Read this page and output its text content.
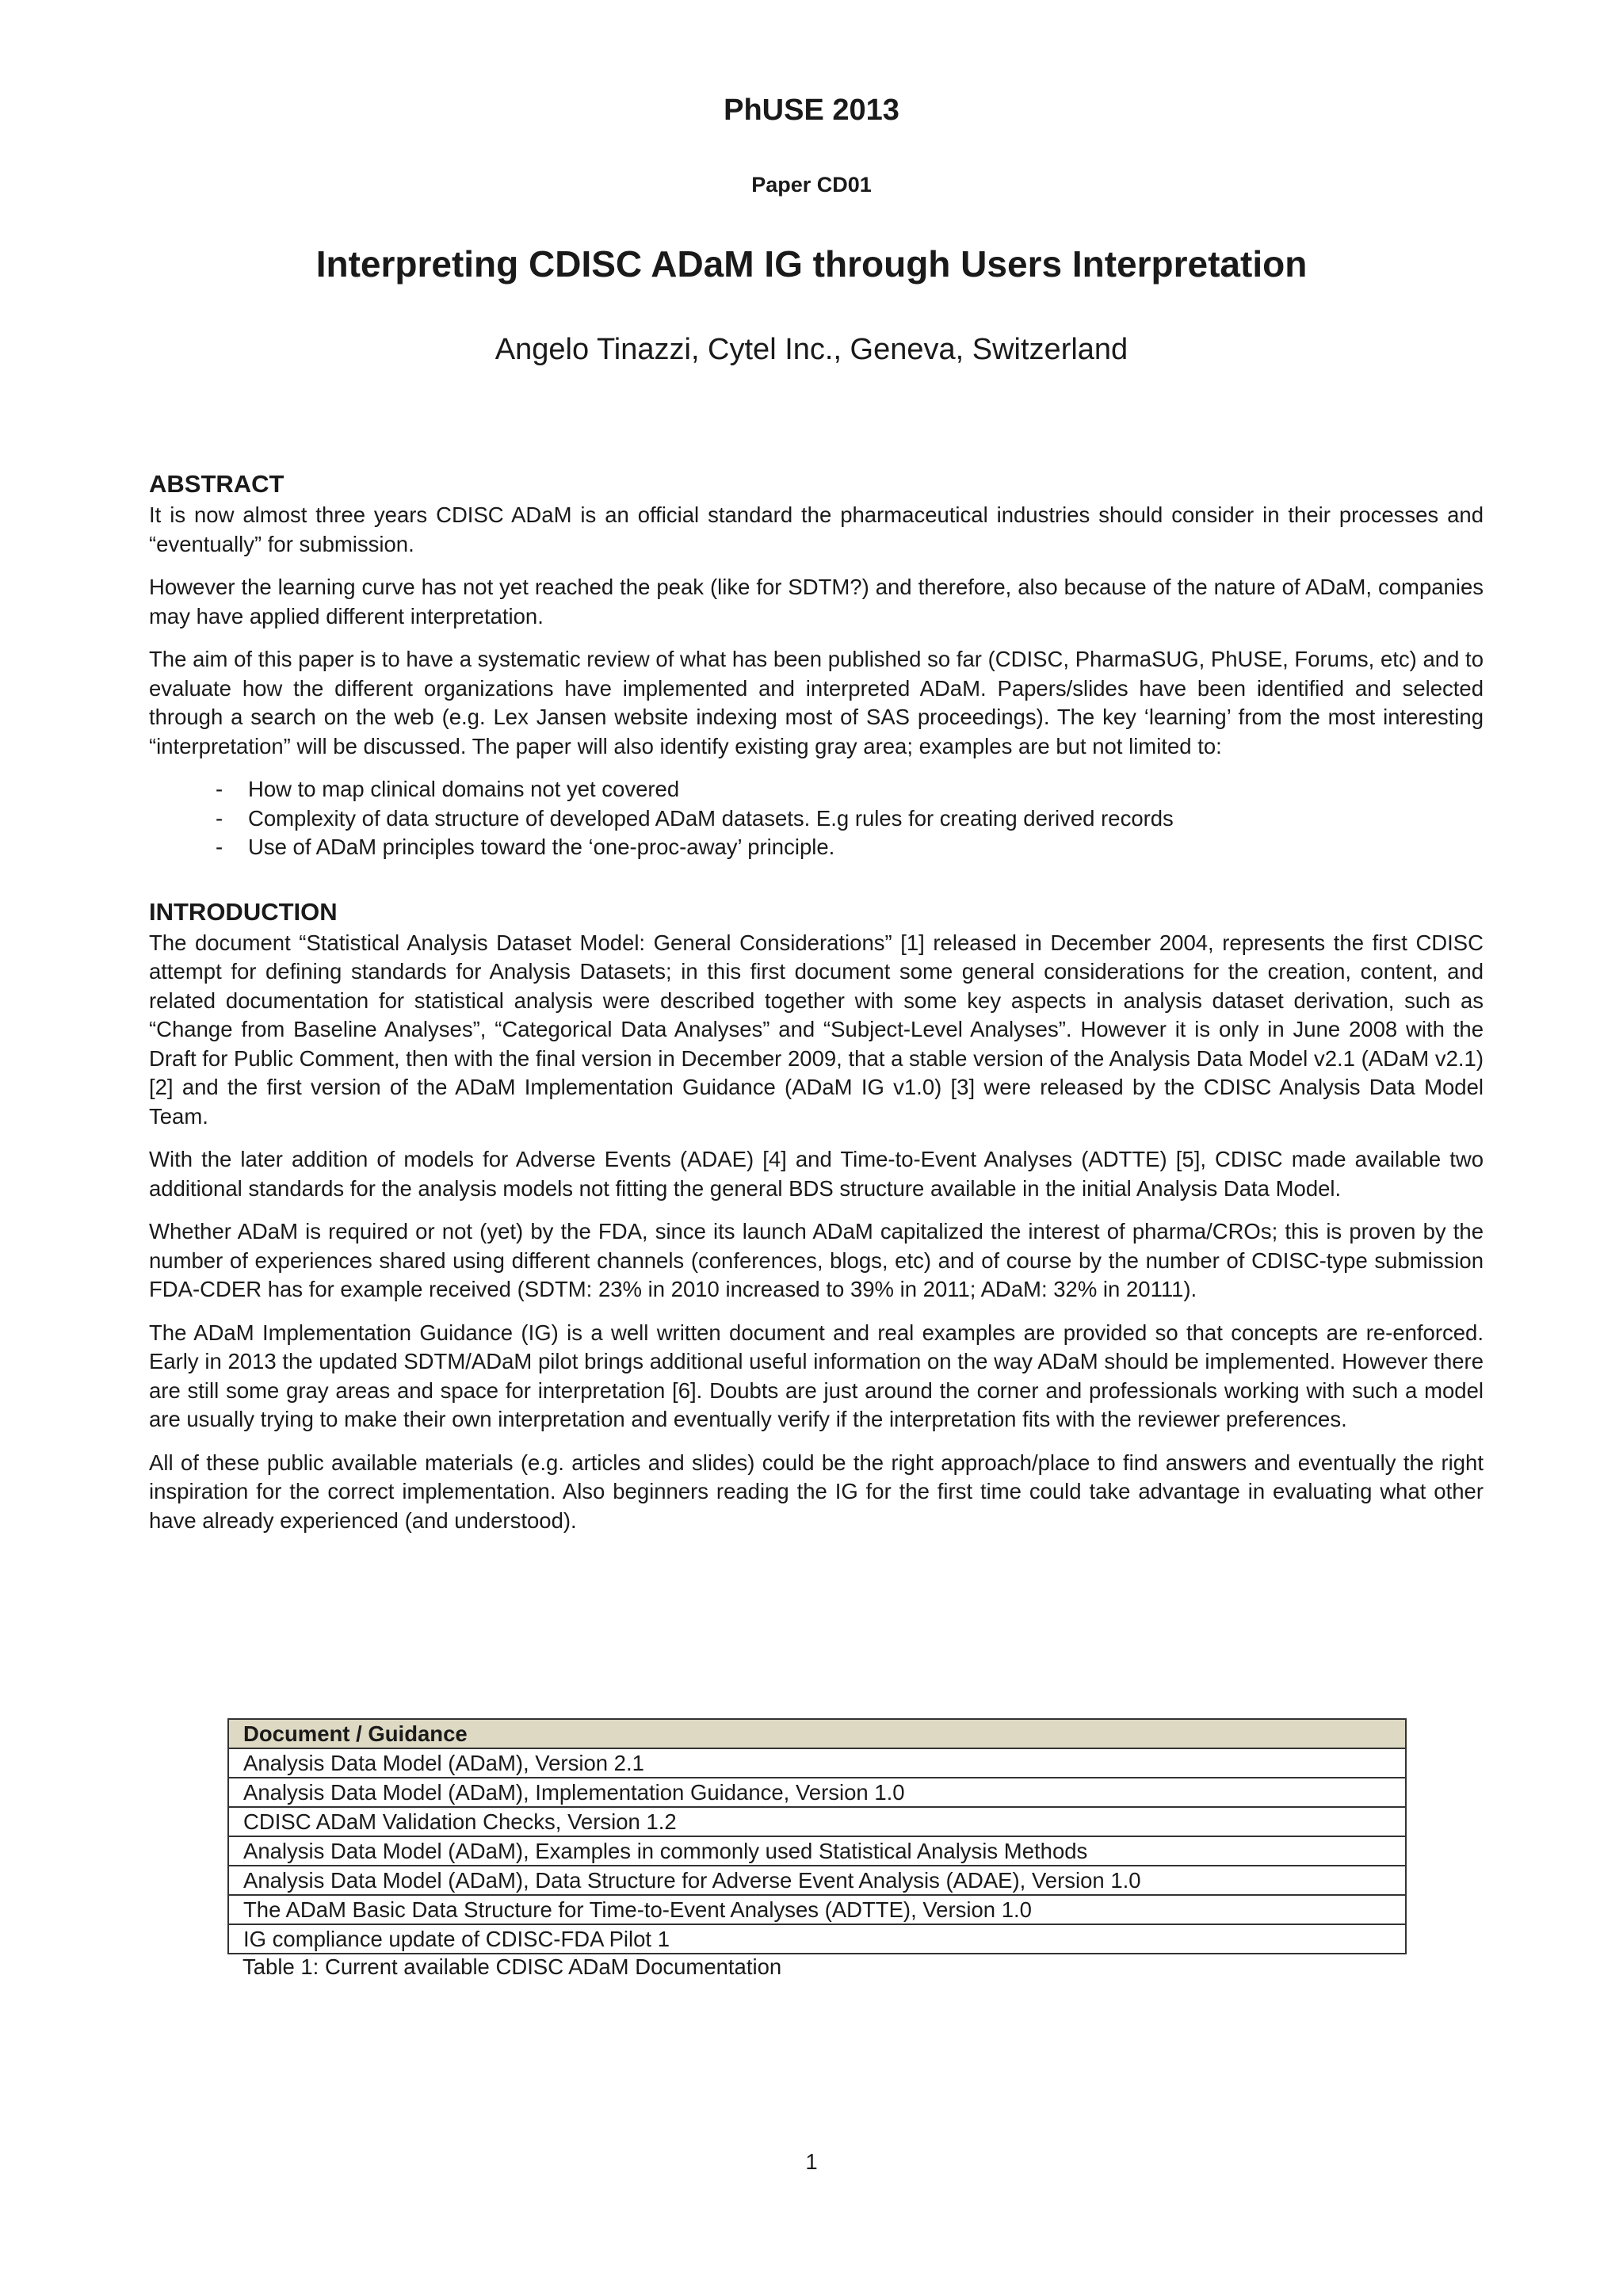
PhUSE 2013
Paper CD01
Interpreting CDISC ADaM IG through Users Interpretation
Angelo Tinazzi, Cytel Inc., Geneva, Switzerland
ABSTRACT

It is now almost three years CDISC ADaM is an official standard the pharmaceutical industries should consider in their processes and “eventually” for submission.

However the learning curve has not yet reached the peak (like for SDTM?) and therefore, also because of the nature of ADaM, companies may have applied different interpretation.

The aim of this paper is to have a systematic review of what has been published so far (CDISC, PharmaSUG, PhUSE, Forums, etc) and to evaluate how the different organizations have implemented and interpreted ADaM. Papers/slides have been identified and selected through a search on the web (e.g. Lex Jansen website indexing most of SAS proceedings). The key ‘learning’ from the most interesting “interpretation” will be discussed. The paper will also identify existing gray area; examples are but not limited to:

- How to map clinical domains not yet covered
- Complexity of data structure of developed ADaM datasets. E.g rules for creating derived records
- Use of ADaM principles toward the ‘one-proc-away’ principle.
INTRODUCTION

The document “Statistical Analysis Dataset Model: General Considerations” [1] released in December 2004, represents the first CDISC attempt for defining standards for Analysis Datasets; in this first document some general considerations for the creation, content, and related documentation for statistical analysis were described together with some key aspects in analysis dataset derivation, such as “Change from Baseline Analyses”, “Categorical Data Analyses” and “Subject-Level Analyses”. However it is only in June 2008 with the Draft for Public Comment, then with the final version in December 2009, that a stable version of the Analysis Data Model v2.1 (ADaM v2.1) [2] and the first version of the ADaM Implementation Guidance (ADaM IG v1.0) [3] were released by the CDISC Analysis Data Model Team.

With the later addition of models for Adverse Events (ADAE) [4] and Time-to-Event Analyses (ADTTE) [5], CDISC made available two additional standards for the analysis models not fitting the general BDS structure available in the initial Analysis Data Model.

Whether ADaM is required or not (yet) by the FDA, since its launch ADaM capitalized the interest of pharma/CROs; this is proven by the number of experiences shared using different channels (conferences, blogs, etc) and of course by the number of CDISC-type submission FDA-CDER has for example received (SDTM: 23% in 2010 increased to 39% in 2011; ADaM: 32% in 20111).

The ADaM Implementation Guidance (IG) is a well written document and real examples are provided so that concepts are re-enforced. Early in 2013 the updated SDTM/ADaM pilot brings additional useful information on the way ADaM should be implemented. However there are still some gray areas and space for interpretation [6]. Doubts are just around the corner and professionals working with such a model are usually trying to make their own interpretation and eventually verify if the interpretation fits with the reviewer preferences.

All of these public available materials (e.g. articles and slides) could be the right approach/place to find answers and eventually the right inspiration for the correct implementation. Also beginners reading the IG for the first time could take advantage in evaluating what other have already experienced (and understood).

Document / Guidance
Analysis Data Model (ADaM), Version 2.1
Analysis Data Model (ADaM), Implementation Guidance, Version 1.0
CDISC ADaM Validation Checks, Version 1.2
Analysis Data Model (ADaM), Examples in commonly used Statistical Analysis Methods
Analysis Data Model (ADaM), Data Structure for Adverse Event Analysis (ADAE), Version 1.0
The ADaM Basic Data Structure for Time-to-Event Analyses (ADTTE), Version 1.0
IG compliance update of CDISC-FDA Pilot 1
Table 1: Current available CDISC ADaM Documentation
1
